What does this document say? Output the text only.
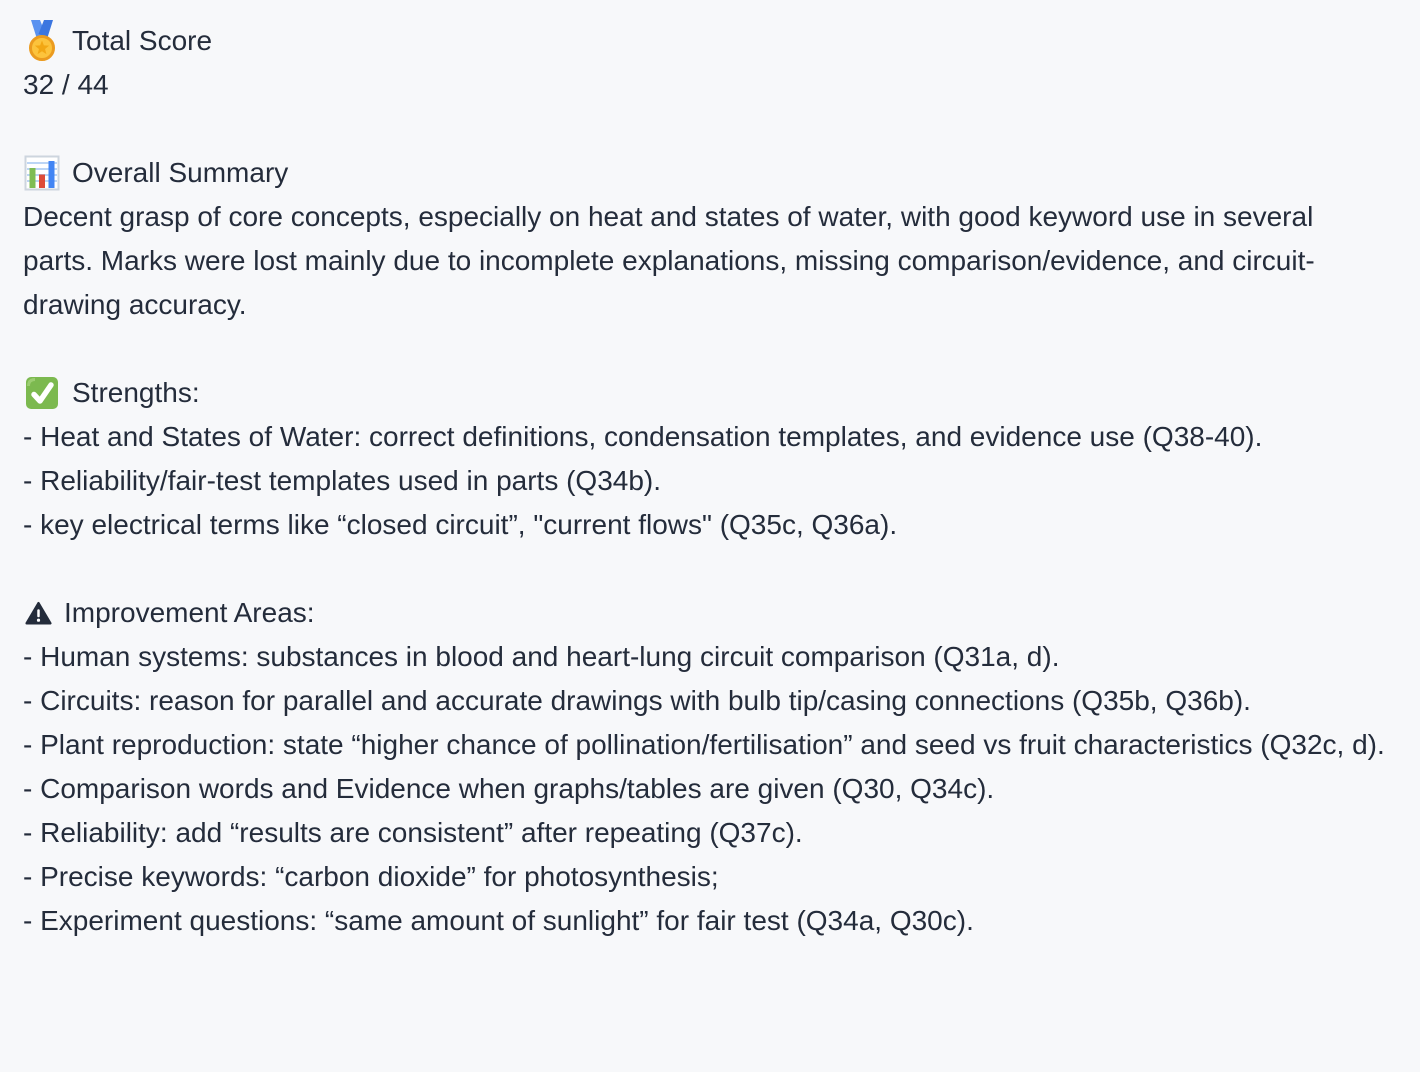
Total Score
32 / 44
Overall Summary
Decent grasp of core concepts, especially on heat and states of water, with good keyword use in several parts. Marks were lost mainly due to incomplete explanations, missing comparison/evidence, and circuit-drawing accuracy.
Strengths:
- Heat and States of Water: correct definitions, condensation templates, and evidence use (Q38-40).
- Reliability/fair-test templates used in parts (Q34b).
- key electrical terms like “closed circuit”, "current flows" (Q35c, Q36a).
Improvement Areas:
- Human systems: substances in blood and heart-lung circuit comparison (Q31a, d).
- Circuits: reason for parallel and accurate drawings with bulb tip/casing connections (Q35b, Q36b).
- Plant reproduction: state “higher chance of pollination/fertilisation” and seed vs fruit characteristics (Q32c, d).
- Comparison words and Evidence when graphs/tables are given (Q30, Q34c).
- Reliability: add “results are consistent” after repeating (Q37c).
- Precise keywords: “carbon dioxide” for photosynthesis;
- Experiment questions: “same amount of sunlight” for fair test (Q34a, Q30c).
